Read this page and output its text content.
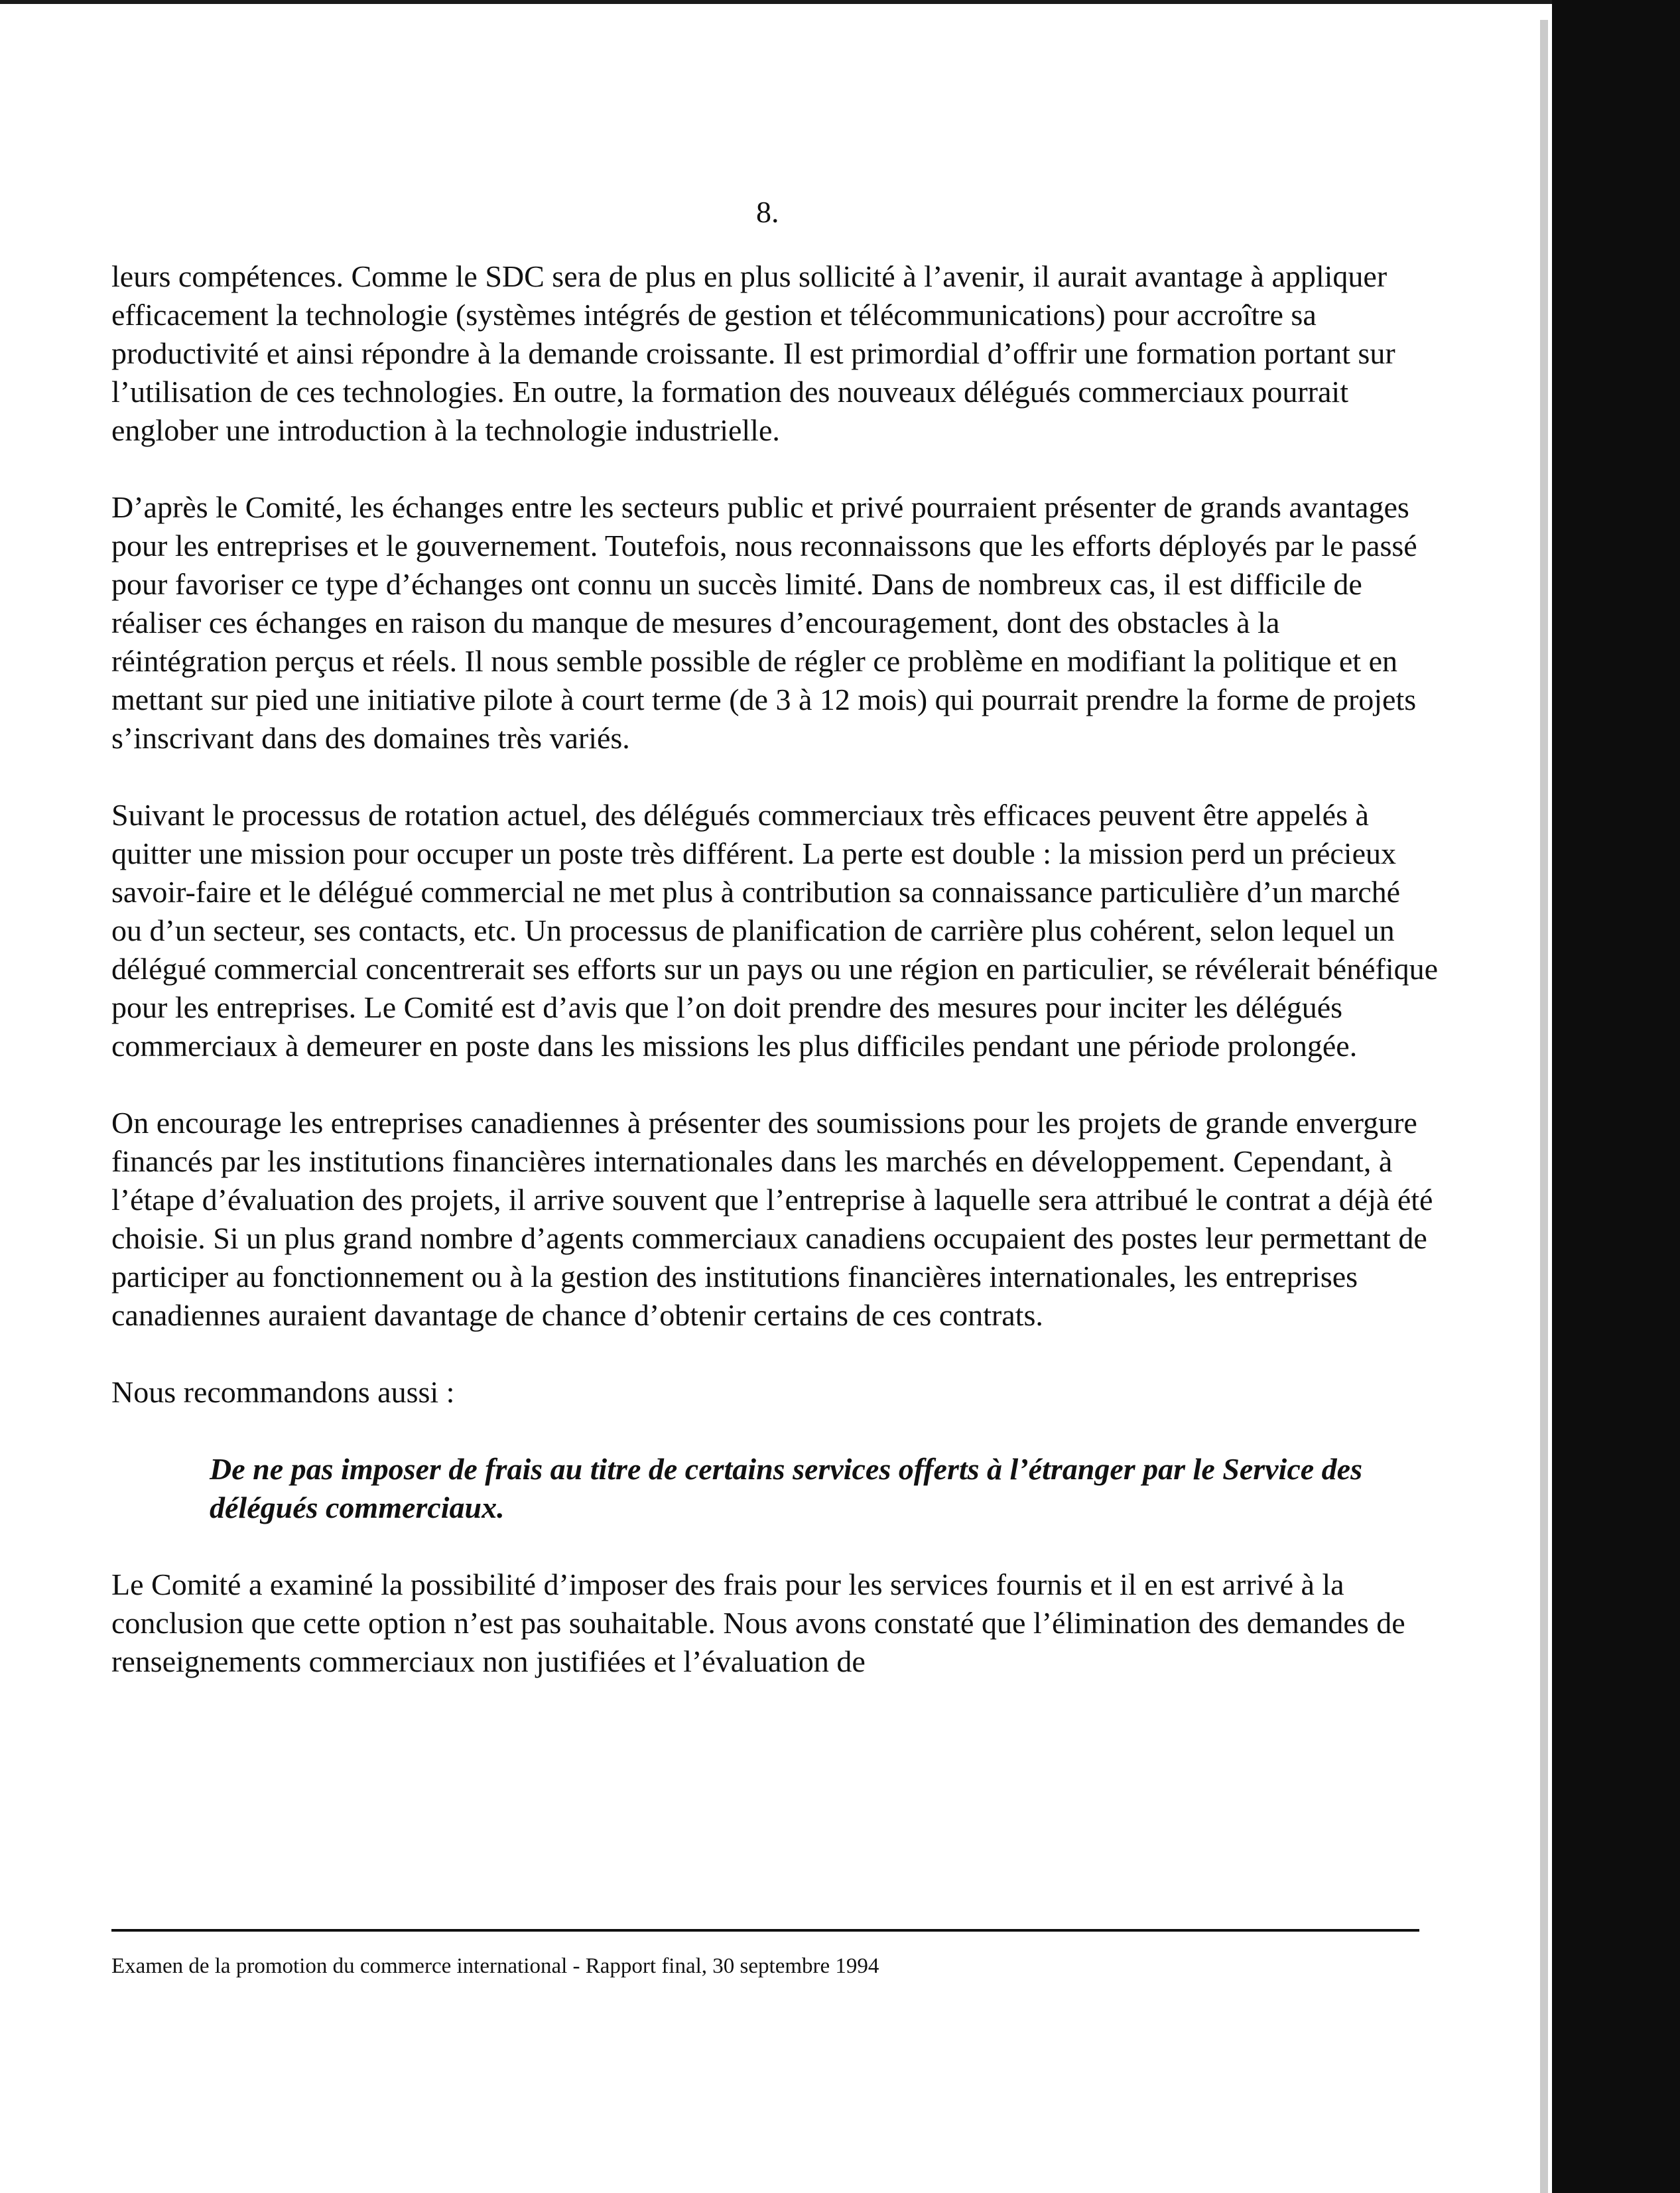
8.

leurs compétences. Comme le SDC sera de plus en plus sollicité à l’avenir, il aurait avantage à appliquer efficacement la technologie (systèmes intégrés de gestion et télécommunications) pour accroître sa productivité et ainsi répondre à la demande croissante. Il est primordial d’offrir une formation portant sur l’utilisation de ces technologies. En outre, la formation des nouveaux délégués commerciaux pourrait englober une introduction à la technologie industrielle.

D’après le Comité, les échanges entre les secteurs public et privé pourraient présenter de grands avantages pour les entreprises et le gouvernement. Toutefois, nous reconnaissons que les efforts déployés par le passé pour favoriser ce type d’échanges ont connu un succès limité. Dans de nombreux cas, il est difficile de réaliser ces échanges en raison du manque de mesures d’encouragement, dont des obstacles à la réintégration perçus et réels. Il nous semble possible de régler ce problème en modifiant la politique et en mettant sur pied une initiative pilote à court terme (de 3 à 12 mois) qui pourrait prendre la forme de projets s’inscrivant dans des domaines très variés.

Suivant le processus de rotation actuel, des délégués commerciaux très efficaces peuvent être appelés à quitter une mission pour occuper un poste très différent. La perte est double : la mission perd un précieux savoir-faire et le délégué commercial ne met plus à contribution sa connaissance particulière d’un marché ou d’un secteur, ses contacts, etc. Un processus de planification de carrière plus cohérent, selon lequel un délégué commercial concentrerait ses efforts sur un pays ou une région en particulier, se révélerait bénéfique pour les entreprises. Le Comité est d’avis que l’on doit prendre des mesures pour inciter les délégués commerciaux à demeurer en poste dans les missions les plus difficiles pendant une période prolongée.

On encourage les entreprises canadiennes à présenter des soumissions pour les projets de grande envergure financés par les institutions financières internationales dans les marchés en développement. Cependant, à l’étape d’évaluation des projets, il arrive souvent que l’entreprise à laquelle sera attribué le contrat a déjà été choisie. Si un plus grand nombre d’agents commerciaux canadiens occupaient des postes leur permettant de participer au fonctionnement ou à la gestion des institutions financières internationales, les entreprises canadiennes auraient davantage de chance d’obtenir certains de ces contrats.

Nous recommandons aussi :

De ne pas imposer de frais au titre de certains services offerts à l’étranger par le Service des délégués commerciaux.

Le Comité a examiné la possibilité d’imposer des frais pour les services fournis et il en est arrivé à la conclusion que cette option n’est pas souhaitable. Nous avons constaté que l’élimination des demandes de renseignements commerciaux non justifiées et l’évaluation de

Examen de la promotion du commerce international - Rapport final, 30 septembre 1994
